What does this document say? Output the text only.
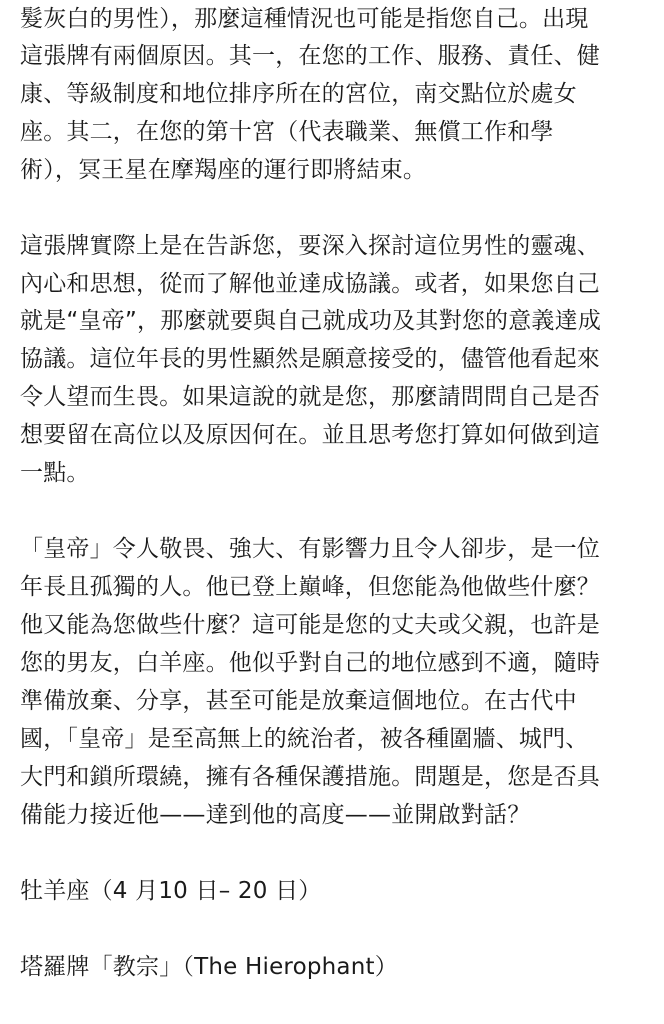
髮灰白的男性），那麼這種情況也可能是指您自己。出現
這張牌有兩個原因。其一，在您的工作、服務、責任、健
康、等級制度和地位排序所在的宮位，南交點位於處女
座。其二，在您的第十宮（代表職業、無償工作和學
術），冥王星在摩羯座的運行即將結束。
這張牌實際上是在告訴您，要深入探討這位男性的靈魂、
內心和思想，從而了解他並達成協議。或者，如果您自己
就是“皇帝”，那麼就要與自己就成功及其對您的意義達成
協議。這位年長的男性顯然是願意接受的，儘管他看起來
令人望而生畏。如果這說的就是您，那麼請問問自己是否
想要留在高位以及原因何在。並且思考您打算如何做到這
一點。
「皇帝」令人敬畏、強大、有影響力且令人卻步，是一位
年長且孤獨的人。他已登上巔峰，但您能為他做些什麼？
他又能為您做些什麼？這可能是您的丈夫或父親，也許是
您的男友，白羊座。他似乎對自己的地位感到不適，隨時
準備放棄、分享，甚至可能是放棄這個地位。在古代中
國，「皇帝」是至高無上的統治者，被各種圍牆、城門、
大門和鎖所環繞，擁有各種保護措施。問題是，您是否具
備能力接近他——達到他的高度——並開啟對話？
牡羊座（4 月10 日– 20 日）
塔羅牌「教宗」（The Hierophant）
